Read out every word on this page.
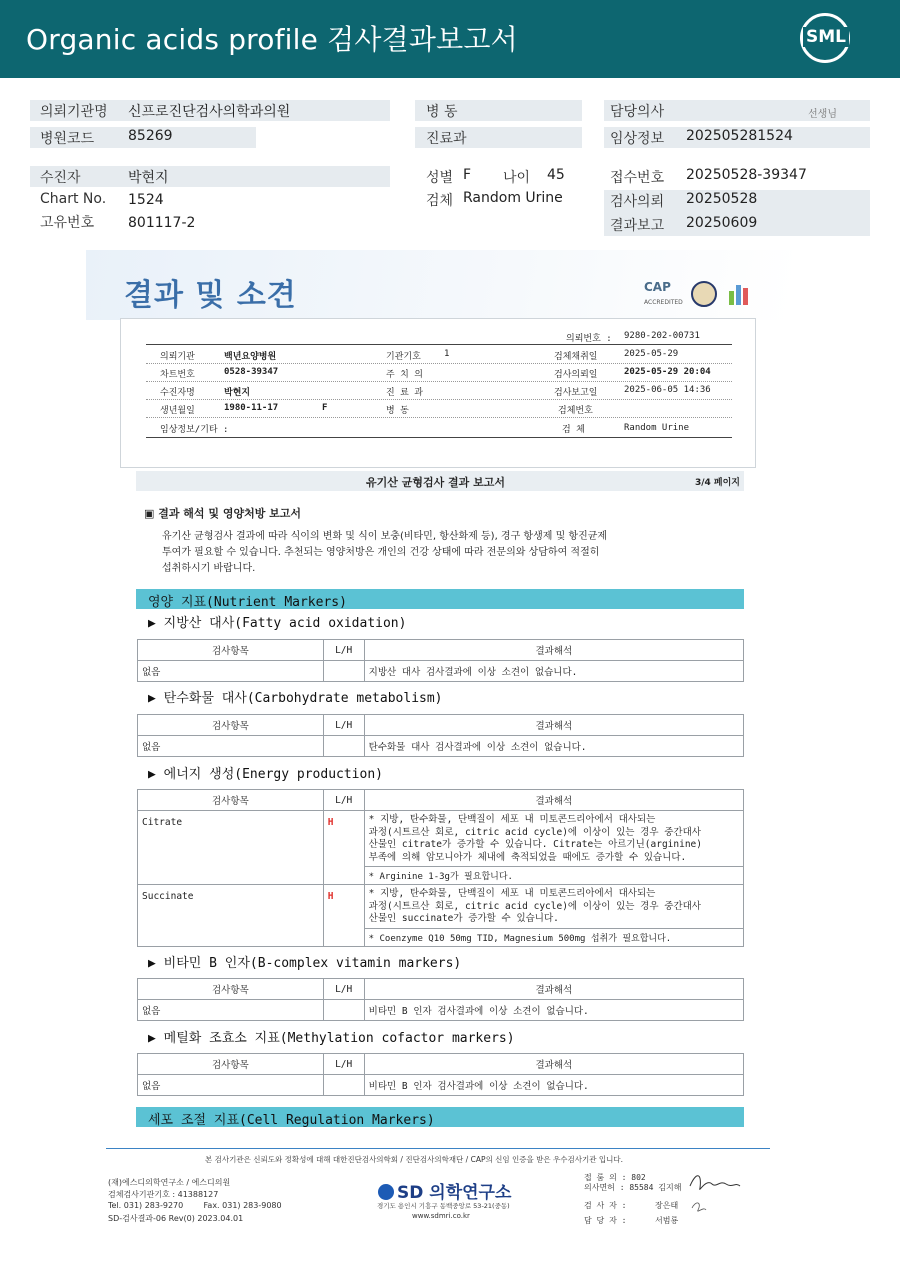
Organic acids profile 검사결과보고서	SML
의뢰기관명 신프로진단검사의학과의원
병원코드 85269
수진자	박현지
Chart No. 1524
고유번호 801117-2
병 동
진료과
성별 F 나이 45
검체 Random Urine
담당의사	선생님
임상정보 202505281524
접수번호 20250528-39347
검사의뢰 20250528
결과보고 20250609
결과 및 소견	CAP
ACCREDITED
의뢰번호 : 9280-202-00731
의뢰기관	백년요양병원	기관기호	1	검체채취일	2025-05-29
차트번호	0528-39347	주 치 의	검사의뢰일	2025-05-29 20:04
수진자명	박현지	진 료 과	검사보고일	2025-06-05 14:36
생년월일	1980-11-17	F	병 동	검체번호
임상정보/기타 :	검 체	Random Urine
유기산 균형검사 결과 보고서	3/4 페이지
▣ 결과 해석 및 영양처방 보고서
유기산 균형검사 결과에 따라 식이의 변화 및 식이 보충(비타민, 항산화제 등), 경구 항생제 및 항진균제
투여가 필요할 수 있습니다. 추천되는 영양처방은 개인의 건강 상태에 따라 전문의와 상담하여 적절히
섭취하시기 바랍니다.
영양 지표(Nutrient Markers)
▶ 지방산 대사(Fatty acid oxidation)
검사항목	L/H	결과해석
없음		지방산 대사 검사결과에 이상 소견이 없습니다.
▶ 탄수화물 대사(Carbohydrate metabolism)
검사항목	L/H	결과해석
없음		탄수화물 대사 검사결과에 이상 소견이 없습니다.
▶ 에너지 생성(Energy production)
검사항목	L/H	결과해석
Citrate	H	* 지방, 탄수화물, 단백질이 세포 내 미토콘드리아에서 대사되는
과정(시트르산 회로, citric acid cycle)에 이상이 있는 경우 중간대사
산물인 citrate가 증가할 수 있습니다. Citrate는 아르기닌(arginine)
부족에 의해 암모니아가 체내에 축적되었을 때에도 증가할 수 있습니다.

		* Arginine 1-3g가 필요합니다.
Succinate	H	* 지방, 탄수화물, 단백질이 세포 내 미토콘드리아에서 대사되는
과정(시트르산 회로, citric acid cycle)에 이상이 있는 경우 중간대사
산물인 succinate가 증가할 수 있습니다.

		* Coenzyme Q10 50mg TID, Magnesium 500mg 섭취가 필요합니다.
▶ 비타민 B 인자(B-complex vitamin markers)
검사항목	L/H	결과해석
없음		비타민 B 인자 검사결과에 이상 소견이 없습니다.
▶ 메틸화 조효소 지표(Methylation cofactor markers)
검사항목	L/H	결과해석
없음		비타민 B 인자 검사결과에 이상 소견이 없습니다.
세포 조절 지표(Cell Regulation Markers)
본 검사기관은 신뢰도와 정확성에 대해 대한진단검사의학회 / 진단검사의학재단 / CAP의 신임 인증을 받은 우수검사기관 입니다.
(재)에스디의학연구소 / 에스디의원
검체검사기관기호 : 41388127
Tel. 031) 283-9270        Fax. 031) 283-9080
SD-검사결과-06 Rev(0) 2023.04.01
SD 의학연구소
경기도 용인시 기흥구 동백중앙로 53-21(중동)
www.sdmri.co.kr
접 룸 의 : 802
의사면허 : 85584 김지해
검 사 자 :	장은태
담 당 자 :	서범룡
